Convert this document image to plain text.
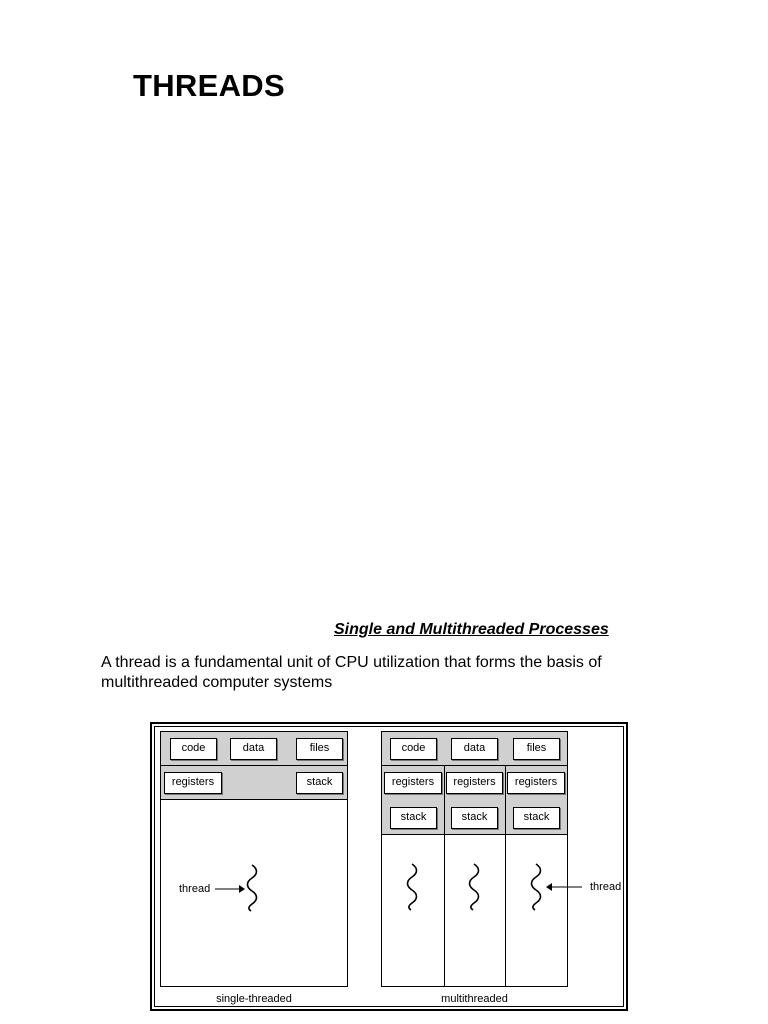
THREADS
Single and Multithreaded Processes

A thread is a fundamental unit of CPU utilization that forms the basis of multithreaded computer systems

code	data	files
registers	stack
thread
single-threaded
code	data	files
registers	registers	registers
stack	stack	stack
thread
multithreaded
